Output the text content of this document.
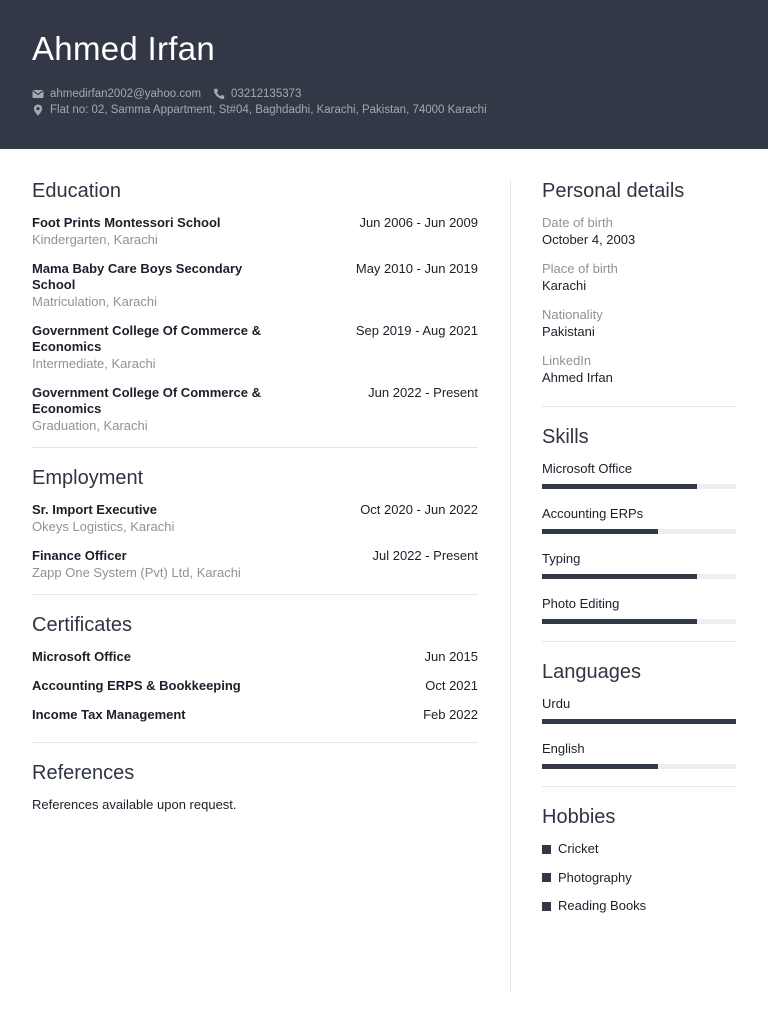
Ahmed Irfan
ahmedirfan2002@yahoo.com	03212135373
Flat no: 02, Samma Appartment, St#04, Baghdadhi, Karachi, Pakistan, 74000 Karachi
Education
Foot Prints Montessori School
Kindergarten, Karachi
Jun 2006 - Jun 2009
Mama Baby Care Boys Secondary School
Matriculation, Karachi
May 2010 - Jun 2019
Government College Of Commerce & Economics
Intermediate, Karachi
Sep 2019 - Aug 2021
Government College Of Commerce & Economics
Graduation, Karachi
Jun 2022 - Present
Employment
Sr. Import Executive
Okeys Logistics, Karachi
Oct 2020 - Jun 2022
Finance Officer
Zapp One System (Pvt) Ltd, Karachi
Jul 2022 - Present
Certificates
Microsoft Office	Jun 2015
Accounting ERPS & Bookkeeping	Oct 2021
Income Tax Management	Feb 2022
References
References available upon request.
Personal details
Date of birth
October 4, 2003
Place of birth
Karachi
Nationality
Pakistani
LinkedIn
Ahmed Irfan
Skills
Microsoft Office
Accounting ERPs
Typing
Photo Editing
Languages
Urdu
English
Hobbies
Cricket
Photography
Reading Books
